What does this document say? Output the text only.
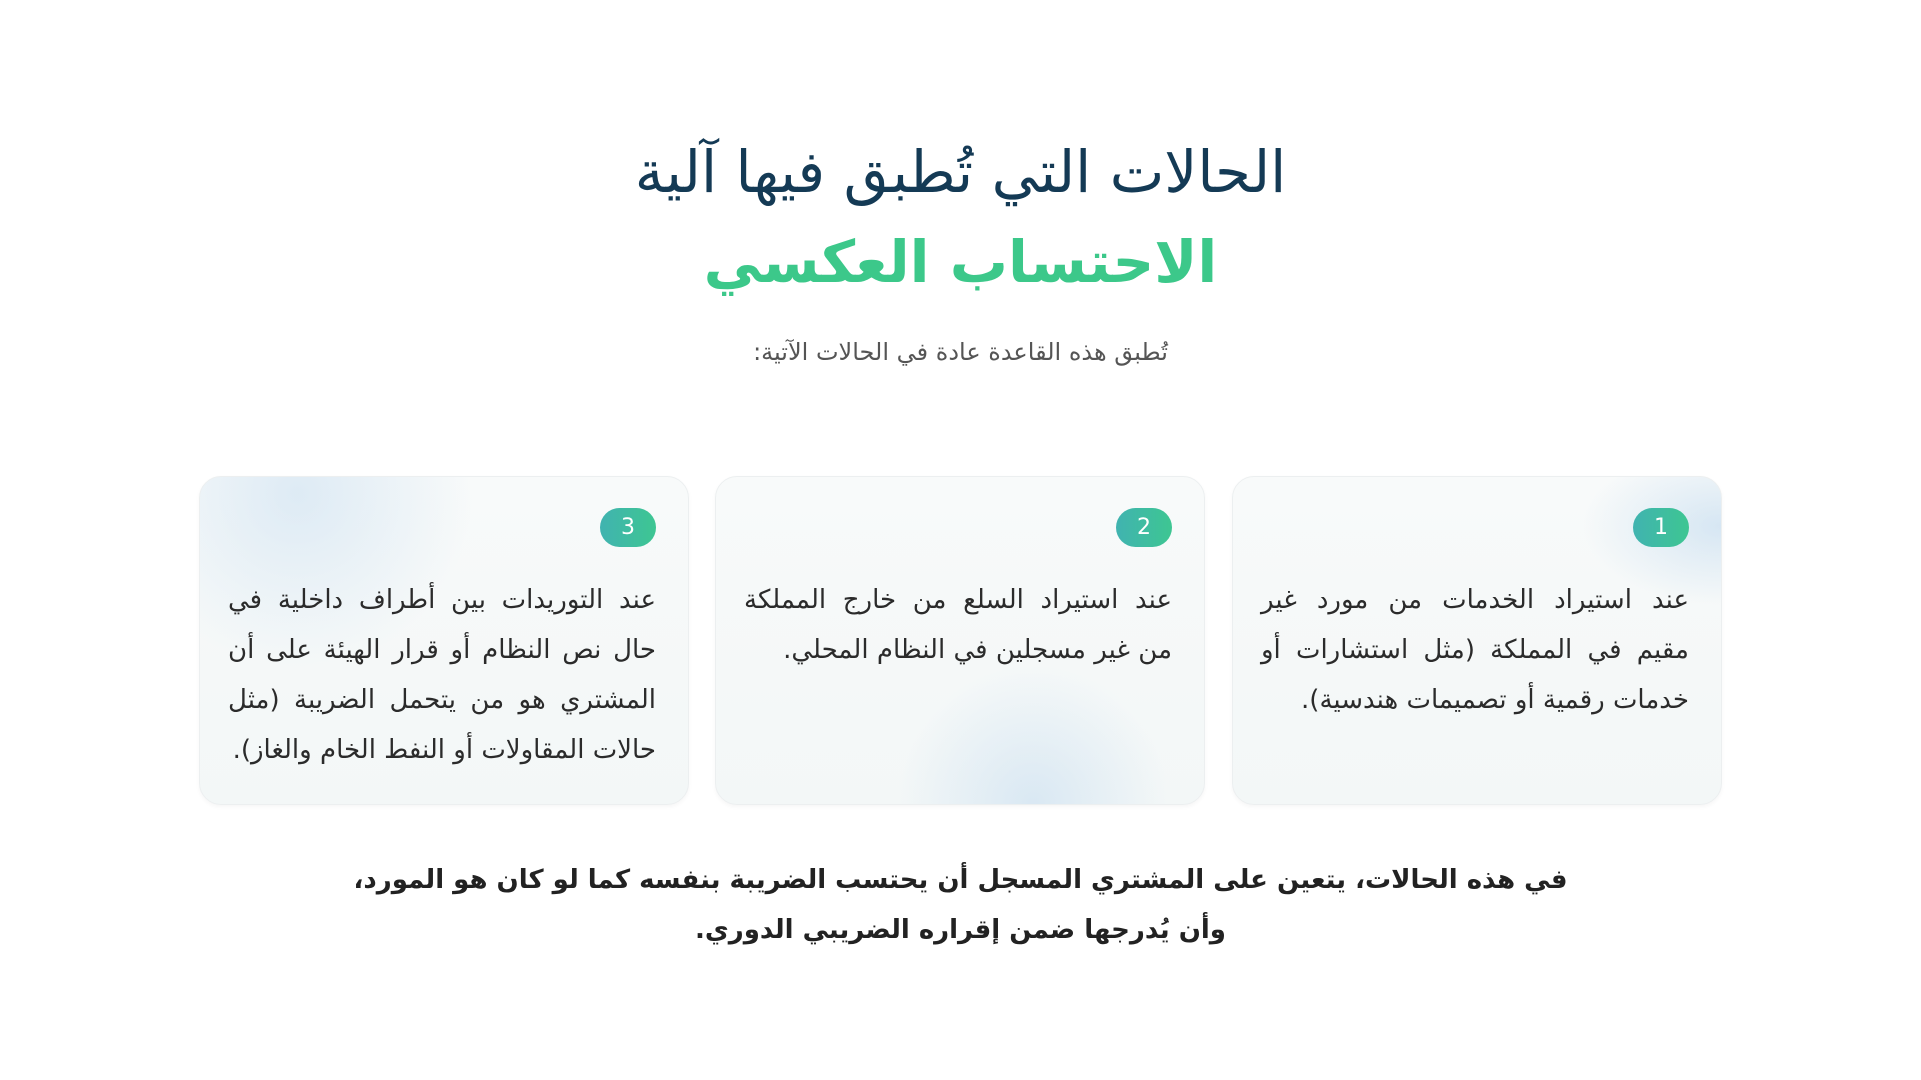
الحالات التي تُطبق فيها آلية
الاحتساب العكسي
تُطبق هذه القاعدة عادة في الحالات الآتية:
1
عند استيراد الخدمات من مورد غير مقيم في المملكة (مثل استشارات أو خدمات رقمية أو تصميمات هندسية).
2
عند استيراد السلع من خارج المملكة من غير مسجلين في النظام المحلي.
3
عند التوريدات بين أطراف داخلية في حال نص النظام أو قرار الهيئة على أن المشتري هو من يتحمل الضريبة (مثل حالات المقاولات أو النفط الخام والغاز).
في هذه الحالات، يتعين على المشتري المسجل أن يحتسب الضريبة بنفسه كما لو كان هو المورد،
وأن يُدرجها ضمن إقراره الضريبي الدوري.
